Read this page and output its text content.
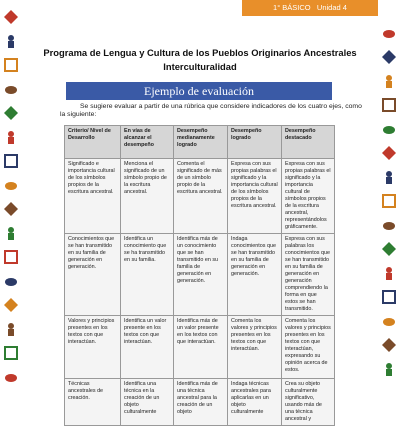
1° BÁSICO Unidad 4
Programa de Lengua y Cultura de los Pueblos Originarios Ancestrales Interculturalidad
Ejemplo de evaluación
Se sugiere evaluar a partir de una rúbrica que considere indicadores de los cuatro ejes, como
la siguiente:
Criterio/ Nivel de Desarrollo	En vías de alcanzar el desempeño	Desempeño medianamente logrado	Desempeño logrado	Desempeño destacado
Significado e importancia cultural de los símbolos propios de la escritura ancestral.	Menciona el significado de un símbolo propio de la escritura ancestral.	Comenta el significado de más de un símbolo propio de la escritura ancestral.	Expresa con sus propias palabras el significado y la importancia cultural de los símbolos propios de la escritura ancestral.	Expresa con sus propias palabras el significado y la importancia cultural de símbolos propios de la escritura ancestral, representándolos gráficamente.
Conocimientos que se han transmitido en su familia de generación en generación.	Identifica un conocimiento que se ha transmitido en su familia.	Identifica más de un conocimiento que se han transmitido en su familia de generación en generación.	Indaga conocimientos que se han transmitido en su familia de generación en generación.	Expresa con sus palabras los conocimientos que se han transmitido en su familia de generación en generación comprendiendo la forma en que estos se han transmitido.
Valores y principios presentes en los textos con que interactúan.	Identifica un valor presente en los textos con que interactúan.	Identifica más de un valor presente en los textos con que interactúan.	Comenta los valores y principios presentes en los textos con que interactúan.	Comenta los valores y principios presentes en los textos con que interactúan, expresando su opinión acerca de estos.
Técnicas ancestrales de creación.	Identifica una técnica en la creación de un objeto culturalmente	Identifica más de una técnica ancestral para la creación de un objeto	Indaga técnicas ancestrales para aplicarlas en un objeto culturalmente	Crea su objeto culturalmente significativo, usando más de una técnica ancestral y
